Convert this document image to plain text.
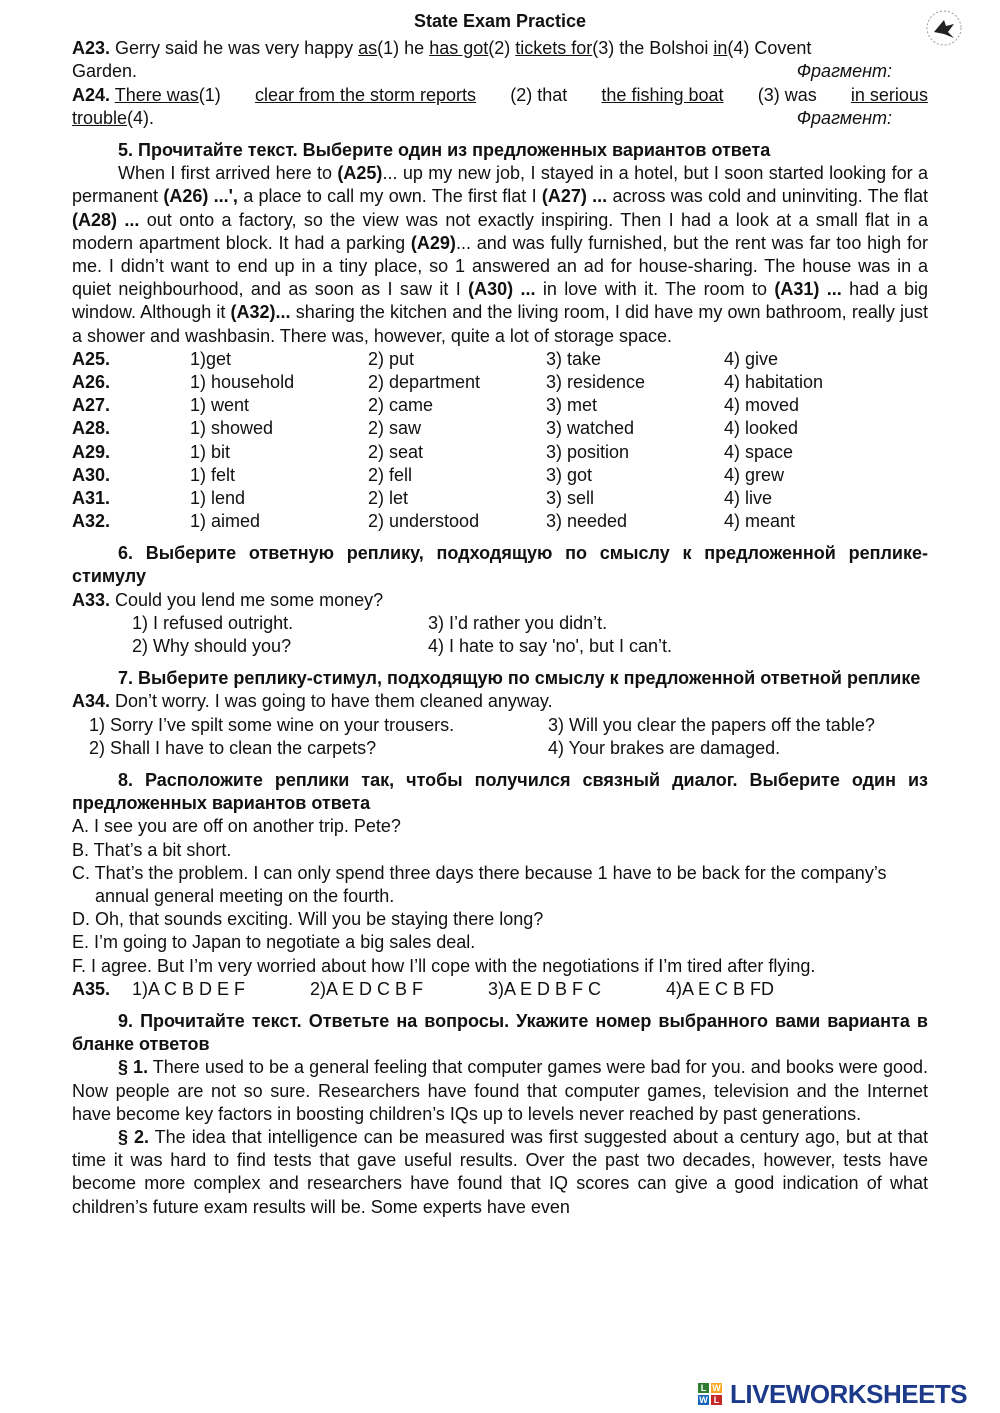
State Exam Practice
A23. Gerry said he was very happy as(1) he has got(2) tickets for(3) the Bolshoi in(4) Covent
Garden.	Фрагмент:
A24. There was(1) clear from the storm reports (2) that the fishing boat (3) was in serious
trouble(4).	Фрагмент:
5. Прочитайте текст. Выберите один из предложенных вариантов ответа
When I first arrived here to (A25)... up my new job, I stayed in a hotel, but I soon started looking for a permanent (A26) ...', a place to call my own. The first flat I (A27) ... across was cold and uninviting. The flat (A28) ... out onto a factory, so the view was not exactly inspiring. Then I had a look at a small flat in a modern apartment block. It had a parking (A29)... and was fully furnished, but the rent was far too high for me. I didn’t want to end up in a tiny place, so 1 answered an ad for house-sharing. The house was in a quiet neighbourhood, and as soon as I saw it I (A30) ... in love with it. The room to (A31) ... had a big window. Although it (A32)... sharing the kitchen and the living room, I did have my own bathroom, really just a shower and washbasin. There was, however, quite a lot of storage space.
A25.	1)get	2) put	3) take	4) give
A26.	1) household	2) department	3) residence	4) habitation
A27.	1) went	2) came	3) met	4) moved
A28.	1) showed	2) saw	3) watched	4) looked
A29.	1) bit	2) seat	3) position	4) space
A30.	1) felt	2) fell	3) got	4) grew
A31.	1) lend	2) let	3) sell	4) live
A32.	1) aimed	2) understood	3) needed	4) meant
6. Выберите ответную реплику, подходящую по смыслу к предложенной реплике-стимулу
A33. Could you lend me some money?
1) I refused outright.	3) I’d rather you didn’t.
2) Why should you?	4) I hate to say 'no', but I can’t.
7. Выберите реплику-стимул, подходящую по смыслу к предложенной ответной реплике
A34. Don’t worry. I was going to have them cleaned anyway.
1) Sorry I’ve spilt some wine on your trousers.	3) Will you clear the papers off the table?
2) Shall I have to clean the carpets?	4) Your brakes are damaged.
8. Расположите реплики так, чтобы получился связный диалог. Выберите один из предложенных вариантов ответа
A. I see you are off on another trip. Pete?
B. That’s a bit short.
C. That’s the problem. I can only spend three days there because 1 have to be back for the company’s annual general meeting on the fourth.
D. Oh, that sounds exciting. Will you be staying there long?
E. I’m going to Japan to negotiate a big sales deal.
F. I agree. But I’m very worried about how I’ll cope with the negotiations if I’m tired after flying.
A35. 1)A C B D E F	2)A E D C B F	3)A E D B F C	4)A E C B FD
9. Прочитайте текст. Ответьте на вопросы. Укажите номер выбранного вами варианта в бланке ответов
§ 1. There used to be a general feeling that computer games were bad for you. and books were good. Now people are not so sure. Researchers have found that computer games, television and the Internet have become key factors in boosting children’s IQs up to levels never reached by past generations.
§ 2. The idea that intelligence can be measured was first suggested about a century ago, but at that time it was hard to find tests that gave useful results. Over the past two decades, however, tests have become more complex and researchers have found that IQ scores can give a good indication of what children’s future exam results will be. Some experts have even
L W
W L LIVEWORKSHEETS
